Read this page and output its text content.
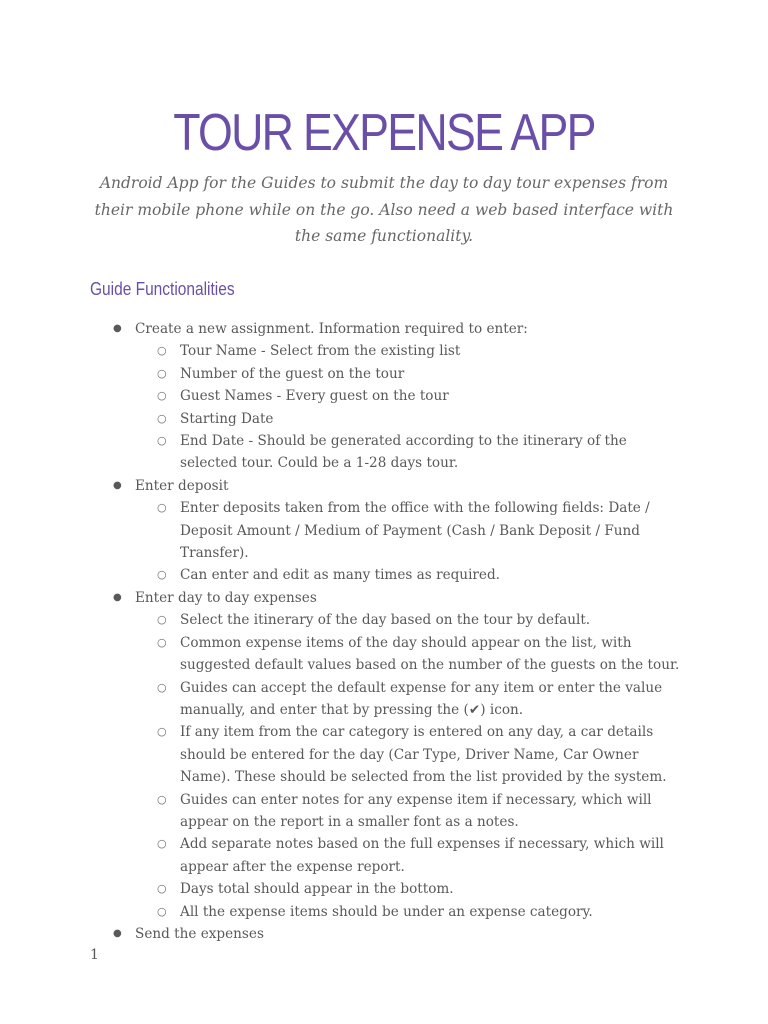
TOUR EXPENSE APP
Android App for the Guides to submit the day to day tour expenses from their mobile phone while on the go. Also need a web based interface with the same functionality.
Guide Functionalities
● Create a new assignment. Information required to enter:
○ Tour Name - Select from the existing list
○ Number of the guest on the tour
○ Guest Names - Every guest on the tour
○ Starting Date
○ End Date - Should be generated according to the itinerary of the selected tour. Could be a 1-28 days tour.
● Enter deposit
○ Enter deposits taken from the office with the following fields: Date / Deposit Amount / Medium of Payment (Cash / Bank Deposit / Fund Transfer).
○ Can enter and edit as many times as required.
● Enter day to day expenses
○ Select the itinerary of the day based on the tour by default.
○ Common expense items of the day should appear on the list, with suggested default values based on the number of the guests on the tour.
○ Guides can accept the default expense for any item or enter the value manually, and enter that by pressing the (✔) icon.
○ If any item from the car category is entered on any day, a car details should be entered for the day (Car Type, Driver Name, Car Owner Name). These should be selected from the list provided by the system.
○ Guides can enter notes for any expense item if necessary, which will appear on the report in a smaller font as a notes.
○ Add separate notes based on the full expenses if necessary, which will appear after the expense report.
○ Days total should appear in the bottom.
○ All the expense items should be under an expense category.
● Send the expenses
1
